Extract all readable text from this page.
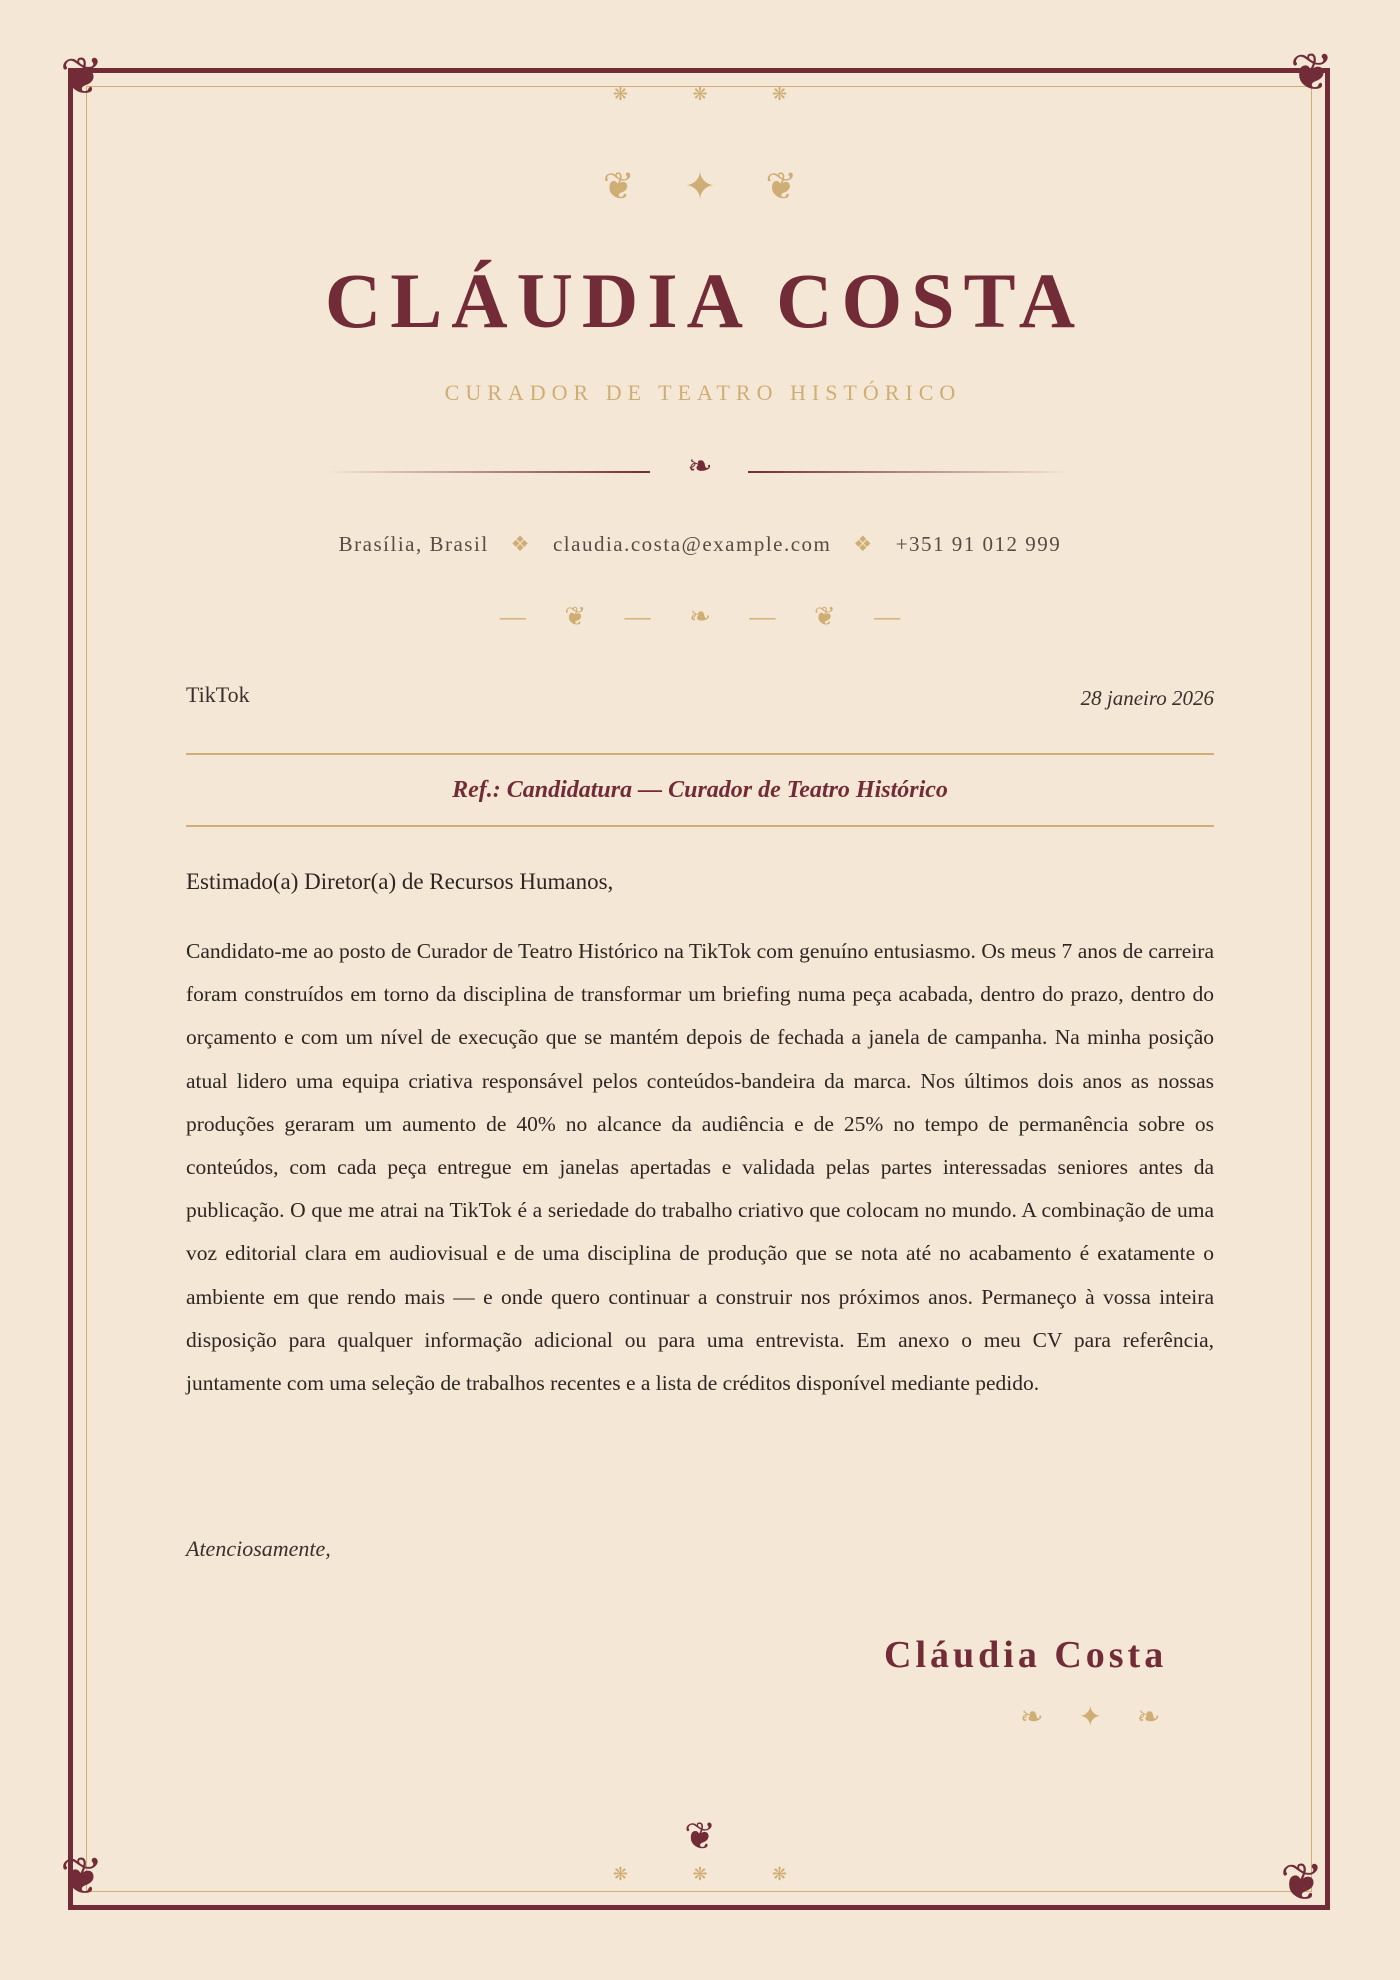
❦	❦
❦	❦
❋ ❋ ❋
❦ ✦ ❦
CLÁUDIA COSTA
CURADOR DE TEATRO HISTÓRICO
❧
Brasília, Brasil ❖ claudia.costa@example.com ❖ +351 91 012 999
— ❦ — ❧ — ❦ —
TikTok	28 janeiro 2026
Ref.: Candidatura — Curador de Teatro Histórico
Estimado(a) Diretor(a) de Recursos Humanos,

Candidato-me ao posto de Curador de Teatro Histórico na TikTok com genuíno entusiasmo. Os meus 7 anos de carreira foram construídos em torno da disciplina de transformar um briefing numa peça acabada, dentro do prazo, dentro do orçamento e com um nível de execução que se mantém depois de fechada a janela de campanha. Na minha posição atual lidero uma equipa criativa responsável pelos conteúdos-bandeira da marca. Nos últimos dois anos as nossas produções geraram um aumento de 40% no alcance da audiência e de 25% no tempo de permanência sobre os conteúdos, com cada peça entregue em janelas apertadas e validada pelas partes interessadas seniores antes da publicação. O que me atrai na TikTok é a seriedade do trabalho criativo que colocam no mundo. A combinação de uma voz editorial clara em audiovisual e de uma disciplina de produção que se nota até no acabamento é exatamente o ambiente em que rendo mais — e onde quero continuar a construir nos próximos anos. Permaneço à vossa inteira disposição para qualquer informação adicional ou para uma entrevista. Em anexo o meu CV para referência, juntamente com uma seleção de trabalhos recentes e a lista de créditos disponível mediante pedido.

Atenciosamente,
Cláudia Costa
❧ ✦ ❧
❦
❋ ❋ ❋
